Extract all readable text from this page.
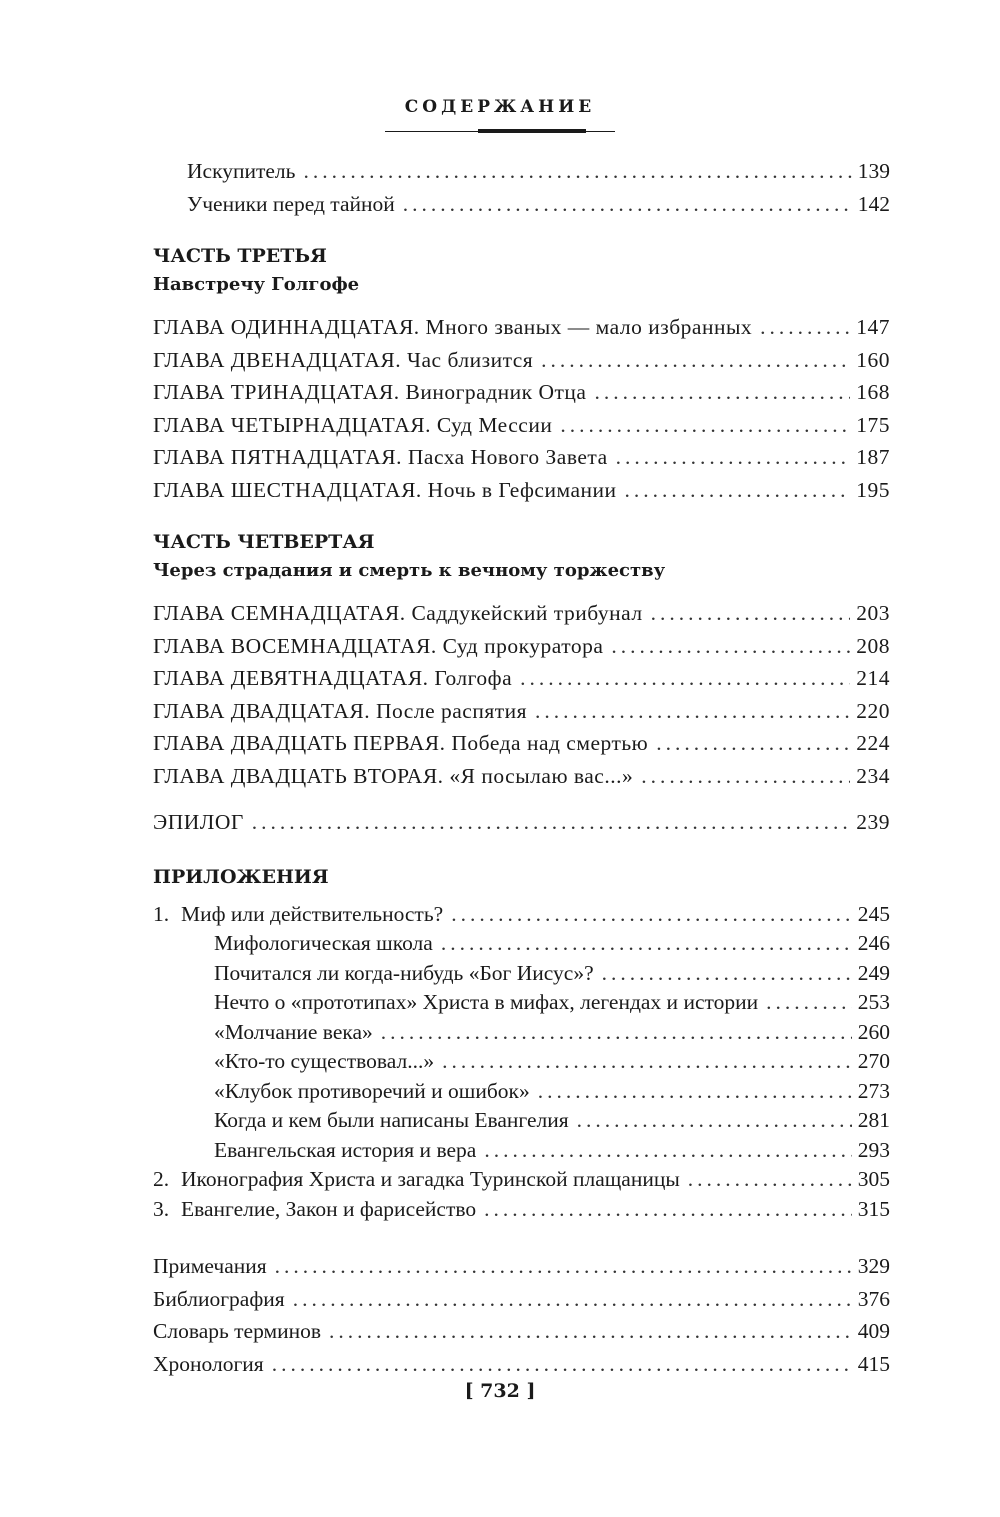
СОДЕРЖАНИЕ
Искупитель .....	139
Ученики перед тайной .....	142
ЧАСТЬ ТРЕТЬЯ
Навстречу Голгофе
ГЛАВА ОДИННАДЦАТАЯ. Много званых — мало избранных .....	147
ГЛАВА ДВЕНАДЦАТАЯ. Час близится .....	160
ГЛАВА ТРИНАДЦАТАЯ. Виноградник Отца .....	168
ГЛАВА ЧЕТЫРНАДЦАТАЯ. Суд Мессии .....	175
ГЛАВА ПЯТНАДЦАТАЯ. Пасха Нового Завета .....	187
ГЛАВА ШЕСТНАДЦАТАЯ. Ночь в Гефсимании .....	195
ЧАСТЬ ЧЕТВЕРТАЯ
Через страдания и смерть к вечному торжеству
ГЛАВА СЕМНАДЦАТАЯ. Саддукейский трибунал .....	203
ГЛАВА ВОСЕМНАДЦАТАЯ. Суд прокуратора .....	208
ГЛАВА ДЕВЯТНАДЦАТАЯ. Голгофа .....	214
ГЛАВА ДВАДЦАТАЯ. После распятия .....	220
ГЛАВА ДВАДЦАТЬ ПЕРВАЯ. Победа над смертью .....	224
ГЛАВА ДВАДЦАТЬ ВТОРАЯ. «Я посылаю вас...» .....	234
ЭПИЛОГ .....	239
ПРИЛОЖЕНИЯ
1. Миф или действительность? .....	245
Мифологическая школа .....	246
Почитался ли когда-нибудь «Бог Иисус»? .....	249
Нечто о «прототипах» Христа в мифах, легендах и истории .....	253
«Молчание века» .....	260
«Кто-то существовал...» .....	270
«Клубок противоречий и ошибок» .....	273
Когда и кем были написаны Евангелия .....	281
Евангельская история и вера .....	293
2. Иконография Христа и загадка Туринской плащаницы .....	305
3. Евангелие, Закон и фарисейство .....	315
Примечания .....	329
Библиография .....	376
Словарь терминов .....	409
Хронология .....	415
[ 732 ]
